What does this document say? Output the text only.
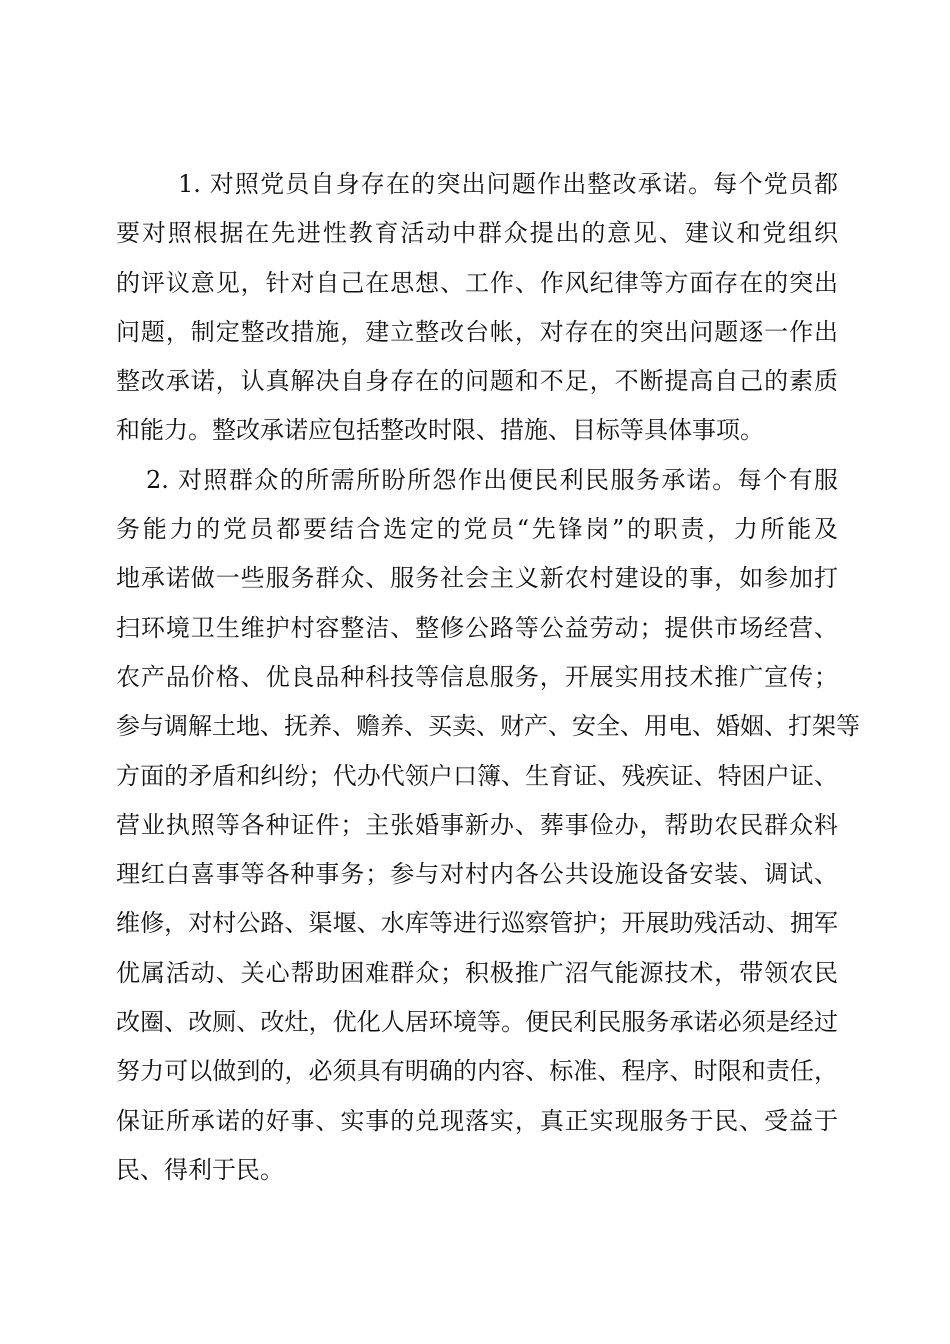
1. 对照党员自身存在的突出问题作出整改承诺。每个党员都
要对照根据在先进性教育活动中群众提出的意见、建议和党组织
的评议意见，针对自己在思想、工作、作风纪律等方面存在的突出
问题，制定整改措施，建立整改台帐，对存在的突出问题逐一作出
整改承诺，认真解决自身存在的问题和不足，不断提高自己的素质
和能力。整改承诺应包括整改时限、措施、目标等具体事项。
2. 对照群众的所需所盼所怨作出便民利民服务承诺。每个有服
务能力的党员都要结合选定的党员“先锋岗”的职责，力所能及
地承诺做一些服务群众、服务社会主义新农村建设的事，如参加打
扫环境卫生维护村容整洁、整修公路等公益劳动；提供市场经营、
农产品价格、优良品种科技等信息服务，开展实用技术推广宣传；
参与调解土地、抚养、赡养、买卖、财产、安全、用电、婚姻、打架等
方面的矛盾和纠纷；代办代领户口簿、生育证、残疾证、特困户证、
营业执照等各种证件；主张婚事新办、葬事俭办，帮助农民群众料
理红白喜事等各种事务；参与对村内各公共设施设备安装、调试、
维修，对村公路、渠堰、水库等进行巡察管护；开展助残活动、拥军
优属活动、关心帮助困难群众；积极推广沼气能源技术，带领农民
改圈、改厕、改灶，优化人居环境等。便民利民服务承诺必须是经过
努力可以做到的，必须具有明确的内容、标准、程序、时限和责任，
保证所承诺的好事、实事的兑现落实，真正实现服务于民、受益于
民、得利于民。
